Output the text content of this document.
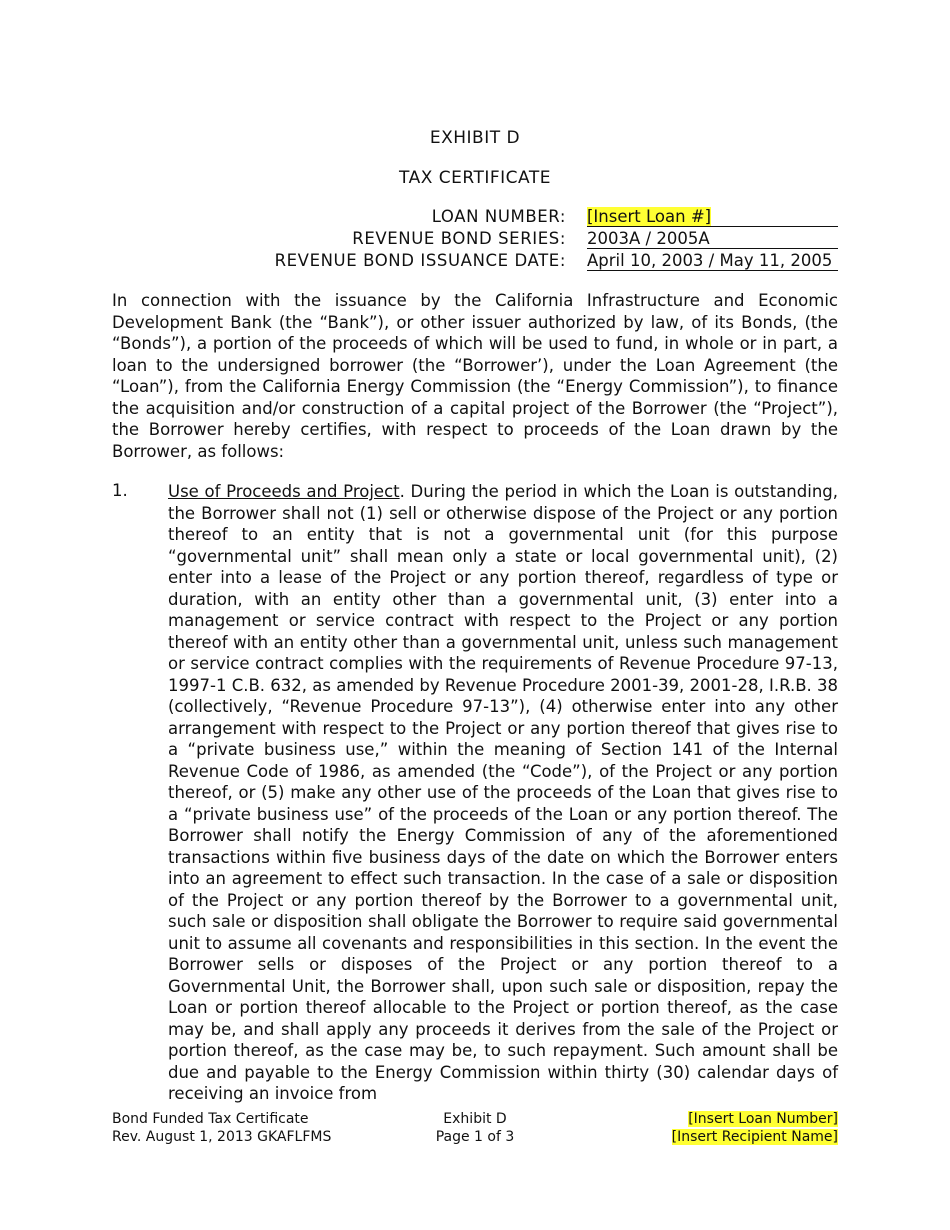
EXHIBIT D
TAX CERTIFICATE
LOAN NUMBER: [Insert Loan #]
REVENUE BOND SERIES: 2003A / 2005A
REVENUE BOND ISSUANCE DATE: April 10, 2003 / May 11, 2005
In connection with the issuance by the California Infrastructure and Economic Development Bank (the “Bank”), or other issuer authorized by law, of its Bonds, (the “Bonds”), a portion of the proceeds of which will be used to fund, in whole or in part, a loan to the undersigned borrower (the “Borrower’), under the Loan Agreement (the “Loan”), from the California Energy Commission (the “Energy Commission”), to finance the acquisition and/or construction of a capital project of the Borrower (the “Project”), the Borrower hereby certifies, with respect to proceeds of the Loan drawn by the Borrower, as follows:
1. Use of Proceeds and Project. During the period in which the Loan is outstanding, the Borrower shall not (1) sell or otherwise dispose of the Project or any portion thereof to an entity that is not a governmental unit (for this purpose “governmental unit” shall mean only a state or local governmental unit), (2) enter into a lease of the Project or any portion thereof, regardless of type or duration, with an entity other than a governmental unit, (3) enter into a management or service contract with respect to the Project or any portion thereof with an entity other than a governmental unit, unless such management or service contract complies with the requirements of Revenue Procedure 97-13, 1997-1 C.B. 632, as amended by Revenue Procedure 2001-39, 2001-28, I.R.B. 38 (collectively, “Revenue Procedure 97-13”), (4) otherwise enter into any other arrangement with respect to the Project or any portion thereof that gives rise to a “private business use,” within the meaning of Section 141 of the Internal Revenue Code of 1986, as amended (the “Code”), of the Project or any portion thereof, or (5) make any other use of the proceeds of the Loan that gives rise to a “private business use” of the proceeds of the Loan or any portion thereof. The Borrower shall notify the Energy Commission of any of the aforementioned transactions within five business days of the date on which the Borrower enters into an agreement to effect such transaction. In the case of a sale or disposition of the Project or any portion thereof by the Borrower to a governmental unit, such sale or disposition shall obligate the Borrower to require said governmental unit to assume all covenants and responsibilities in this section. In the event the Borrower sells or disposes of the Project or any portion thereof to a Governmental Unit, the Borrower shall, upon such sale or disposition, repay the Loan or portion thereof allocable to the Project or portion thereof, as the case may be, and shall apply any proceeds it derives from the sale of the Project or portion thereof, as the case may be, to such repayment. Such amount shall be due and payable to the Energy Commission within thirty (30) calendar days of receiving an invoice from
Bond Funded Tax Certificate
Rev. August 1, 2013 GKAFLFMS
Exhibit D
Page 1 of 3
[Insert Loan Number]
[Insert Recipient Name]
